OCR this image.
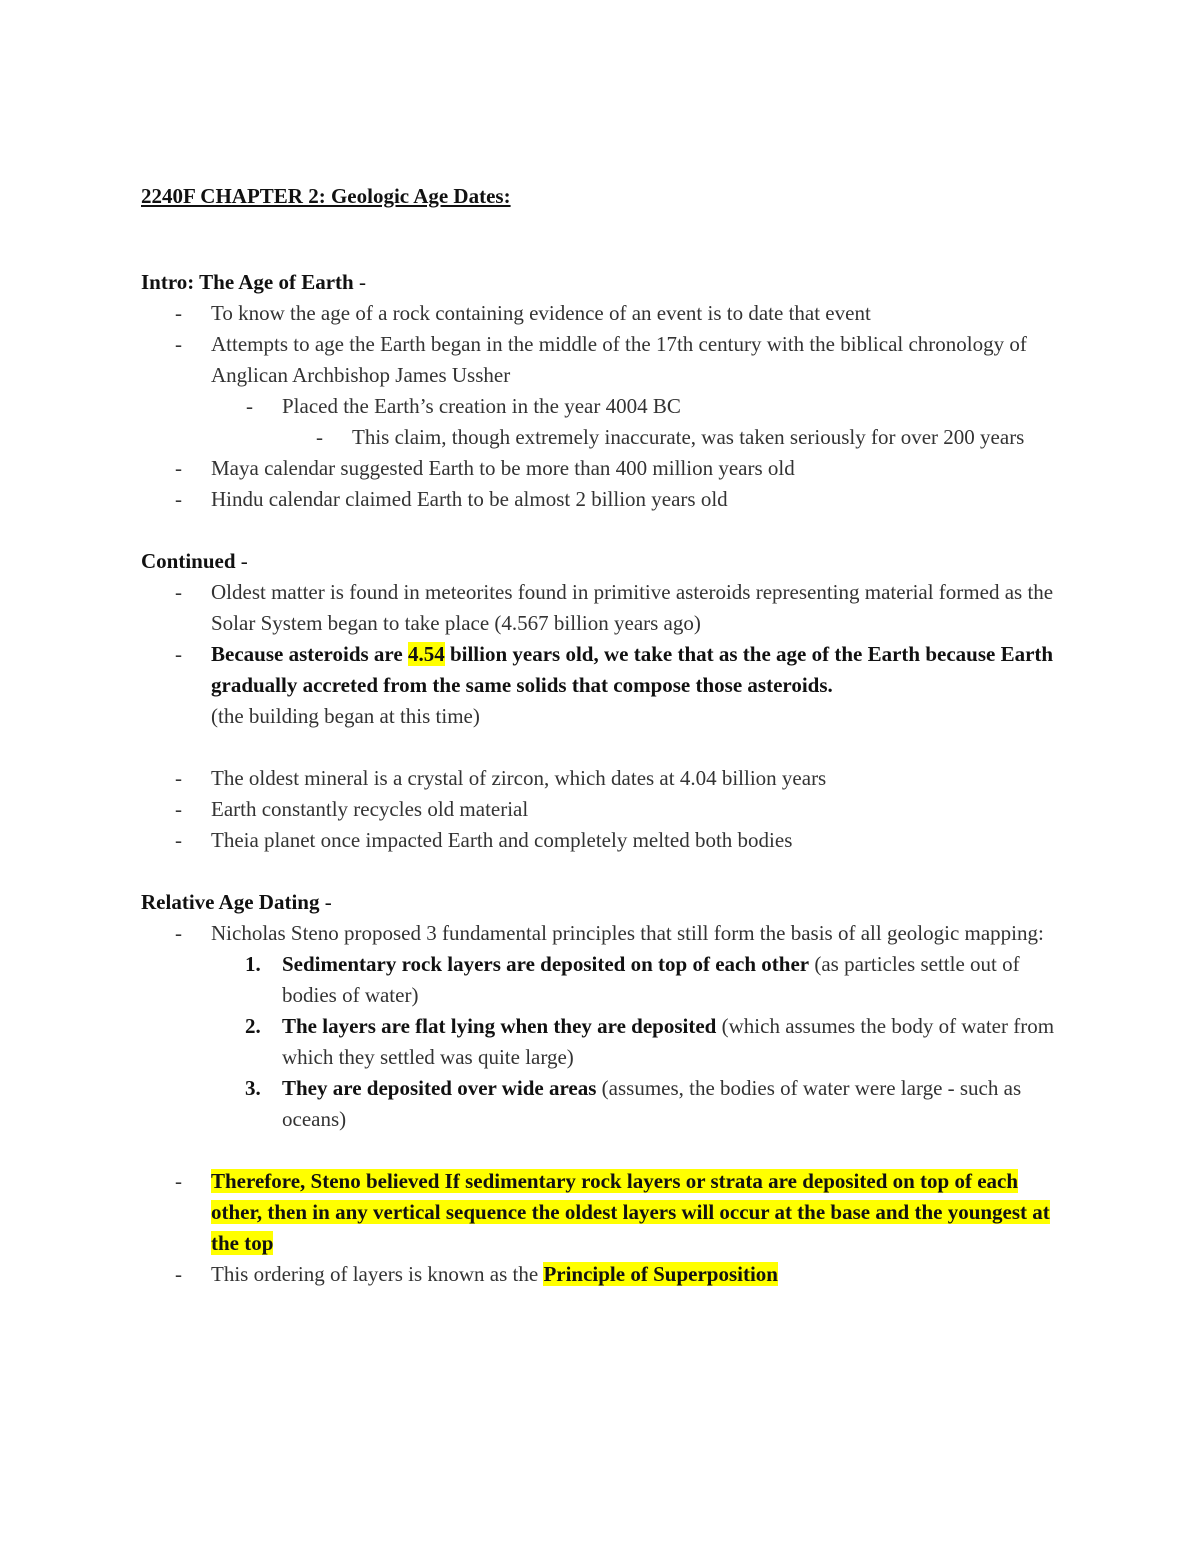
2240F CHAPTER 2: Geologic Age Dates:
Intro: The Age of Earth -
- To know the age of a rock containing evidence of an event is to date that event
- Attempts to age the Earth began in the middle of the 17th century with the biblical chronology of Anglican Archbishop James Ussher
- Placed the Earth’s creation in the year 4004 BC
- This claim, though extremely inaccurate, was taken seriously for over 200 years
- Maya calendar suggested Earth to be more than 400 million years old
- Hindu calendar claimed Earth to be almost 2 billion years old
Continued -
- Oldest matter is found in meteorites found in primitive asteroids representing material formed as the Solar System began to take place (4.567 billion years ago)
- Because asteroids are 4.54 billion years old, we take that as the age of the Earth because Earth gradually accreted from the same solids that compose those asteroids.
(the building began at this time)
- The oldest mineral is a crystal of zircon, which dates at 4.04 billion years
- Earth constantly recycles old material
- Theia planet once impacted Earth and completely melted both bodies
Relative Age Dating -
- Nicholas Steno proposed 3 fundamental principles that still form the basis of all geologic mapping:
1. Sedimentary rock layers are deposited on top of each other (as particles settle out of bodies of water)
2. The layers are flat lying when they are deposited (which assumes the body of water from which they settled was quite large)
3. They are deposited over wide areas (assumes, the bodies of water were large - such as oceans)
- Therefore, Steno believed If sedimentary rock layers or strata are deposited on top of each other, then in any vertical sequence the oldest layers will occur at the base and the youngest at the top
- This ordering of layers is known as the Principle of Superposition
